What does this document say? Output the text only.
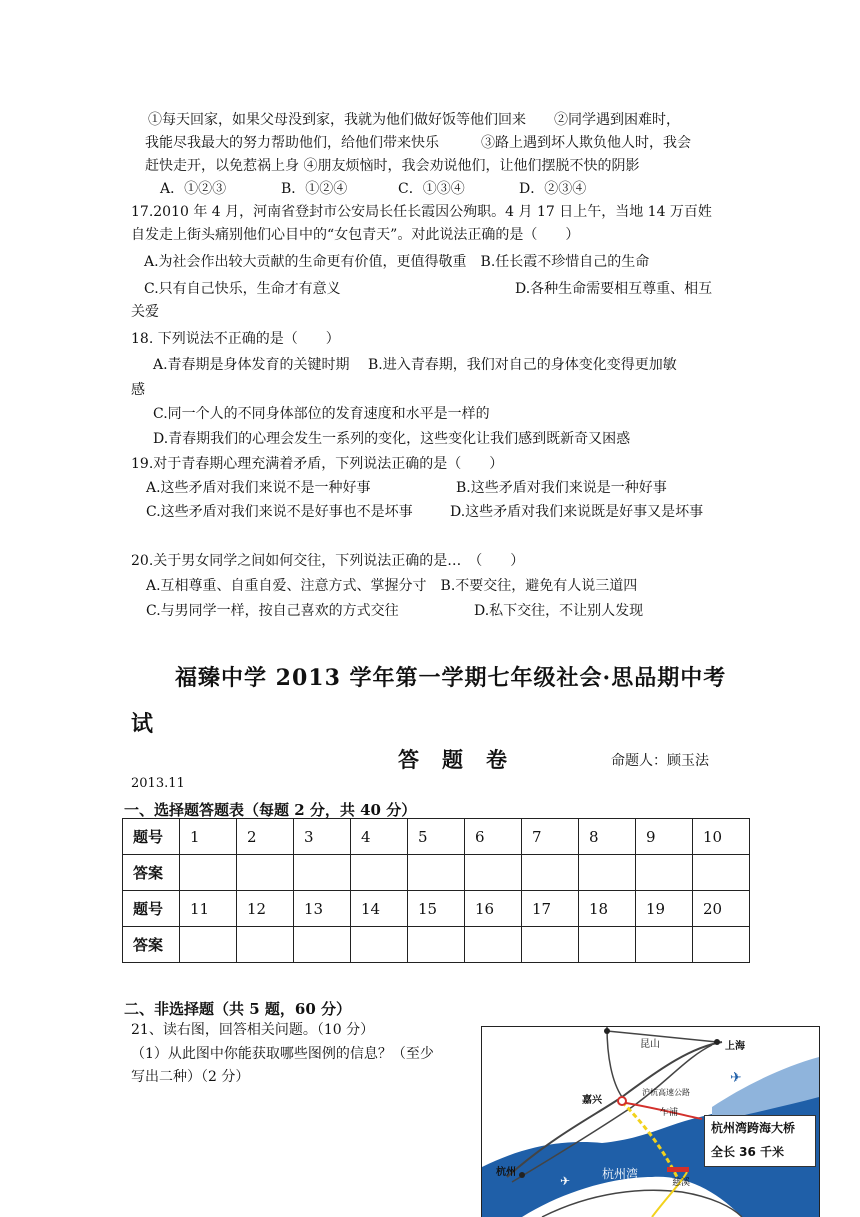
①每天回家，如果父母没到家，我就为他们做好饭等他们回来　　②同学遇到困难时，
我能尽我最大的努力帮助他们，给他们带来快乐　　　③路上遇到坏人欺负他人时，我会
赶快走开，以免惹祸上身 ④朋友烦恼时，我会劝说他们，让他们摆脱不快的阴影
A．①②③	B．①②④	C．①③④	D．②③④
17.2010 年 4 月，河南省登封市公安局长任长霞因公殉职。4 月 17 日上午，当地 14 万百姓
自发走上街头痛别他们心目中的“女包青天”。对此说法正确的是（　　）
A.为社会作出较大贡献的生命更有价值，更值得敬重　B.任长霞不珍惜自己的生命
C.只有自己快乐，生命才有意义	D.各种生命需要相互尊重、相互
关爱
18. 下列说法不正确的是（　　）
A.青春期是身体发育的关键时期　 B.进入青春期，我们对自己的身体变化变得更加敏
感
C.同一个人的不同身体部位的发育速度和水平是一样的
D.青春期我们的心理会发生一系列的变化，这些变化让我们感到既新奇又困惑
19.对于青春期心理充满着矛盾，下列说法正确的是（　　）
A.这些矛盾对我们来说不是一种好事	B.这些矛盾对我们来说是一种好事
C.这些矛盾对我们来说不是好事也不是坏事	D.这些矛盾对我们来说既是好事又是坏事
20.关于男女同学之间如何交往，下列说法正确的是…　（　　）
A.互相尊重、自重自爱、注意方式、掌握分寸　B.不要交往，避免有人说三道四
C.与男同学一样，按自己喜欢的方式交往	D.私下交往，不让别人发现
福臻中学 2013 学年第一学期七年级社会·思品期中考
试
答　题　卷	命题人：顾玉法
2013.11
一、选择题答题表（每题 2 分，共 40 分）
题号	1	2	3	4	5	6	7	8	9	10
答案										
题号	11	12	13	14	15	16	17	18	19	20
答案										
二、非选择题（共 5 题，60 分）
21、读右图，回答相关问题。（10 分）
（1）从此图中你能获取哪些图例的信息？（至少
写出二种）（2 分）	✈
✈
昆山	上海
嘉兴
沪杭高速公路
乍浦
杭州	杭州湾
慈溪
杭州湾跨海大桥
全长 36 千米
